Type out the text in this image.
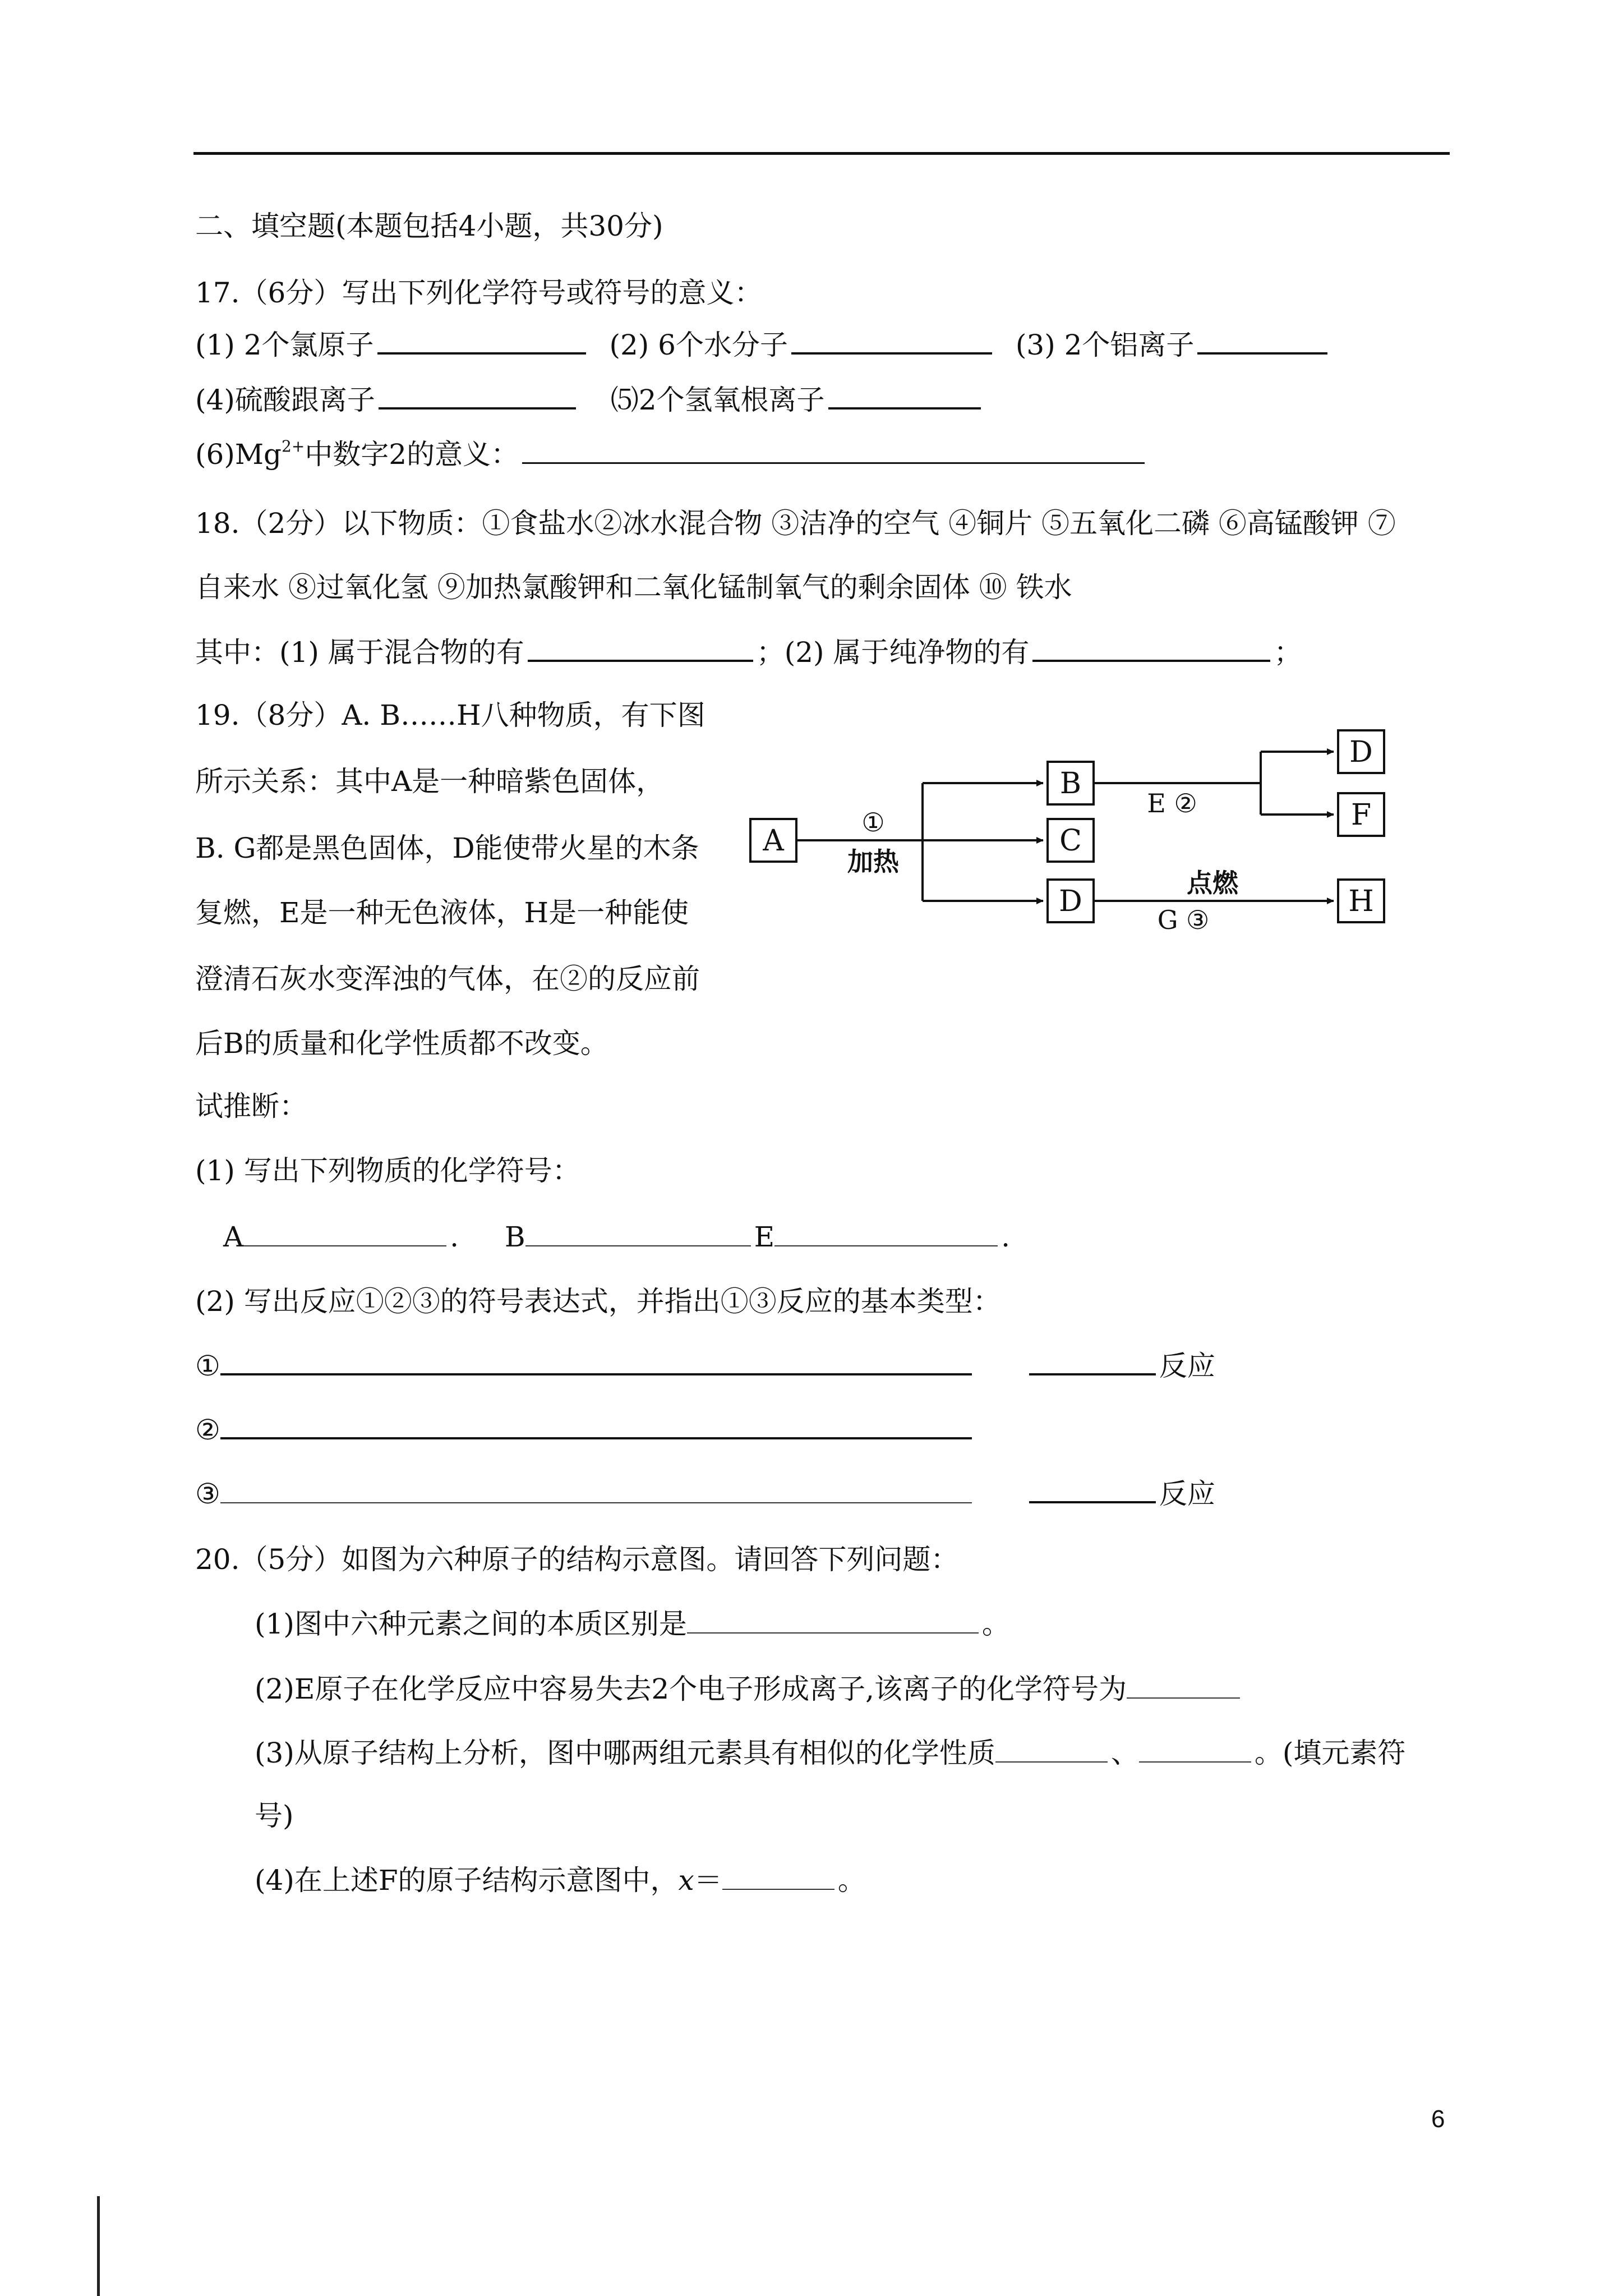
二、填空题(本题包括4小题，共30分)
17.（6分）写出下列化学符号或符号的意义：
(1) 2个氯原子	(2) 6个水分子	(3) 2个铝离子
(4)硫酸跟离子	⑸2个氢氧根离子
$(6)Mg^{2+}$中数字2的意义：
18.（2分）以下物质：①食盐水②冰水混合物 ③洁净的空气 ④铜片 ⑤五氧化二磷 ⑥高锰酸钾 ⑦
自来水 ⑧过氧化氢 ⑨加热氯酸钾和二氧化锰制氧气的剩余固体 ⑩ 铁水
其中：(1) 属于混合物的有	；(2) 属于纯净物的有	；
19.（8分）A. B……H八种物质，有下图
所示关系：其中A是一种暗紫色固体，
B. G都是黑色固体，D能使带火星的木条
复燃，E是一种无色液体，H是一种能使
澄清石灰水变浑浊的气体，在②的反应前
后B的质量和化学性质都不改变。
A
B
C
D
D
F
H
①
加热
E ②
点燃
G ③
试推断：
(1) 写出下列物质的化学符号：
A	. B	E	.
(2) 写出反应①②③的符号表达式，并指出①③反应的基本类型：
①	反应
②
③	反应
20.（5分）如图为六种原子的结构示意图。请回答下列问题：
(1)图中六种元素之间的本质区别是	。
(2)E原子在化学反应中容易失去2个电子形成离子,该离子的化学符号为
(3)从原子结构上分析，图中哪两组元素具有相似的化学性质	、	。(填元素符
号)
(4)在上述F的原子结构示意图中，x＝	。
6
